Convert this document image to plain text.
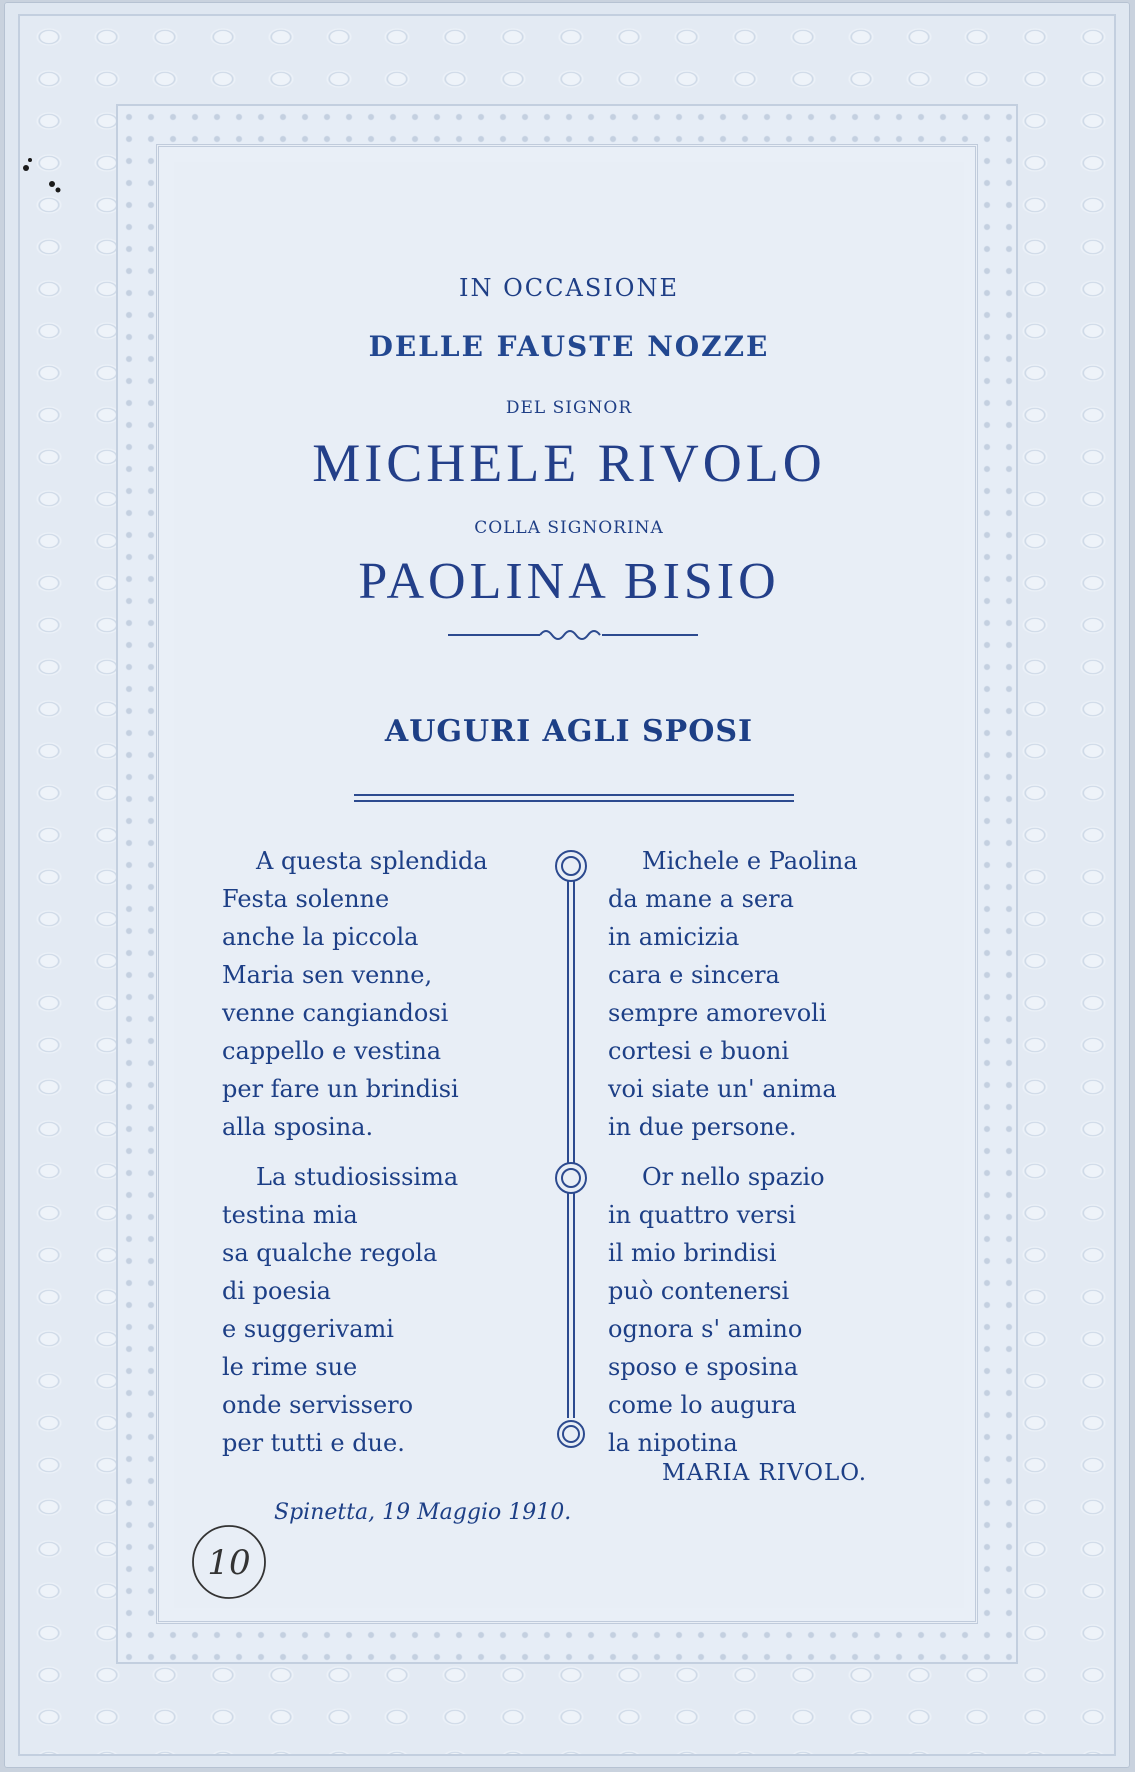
IN OCCASIONE
DELLE FAUSTE NOZZE
DEL SIGNOR
MICHELE RIVOLO
COLLA SIGNORINA
PAOLINA BISIO
AUGURI AGLI SPOSI
A questa splendida
Festa solenne
anche la piccola
Maria sen venne,
venne cangiandosi
cappello e vestina
per fare un brindisi
alla sposina.
La studiosissima
testina mia
sa qualche regola
di poesia
e suggerivami
le rime sue
onde servissero
per tutti e due.
Michele e Paolina
da mane a sera
in amicizia
cara e sincera
sempre amorevoli
cortesi e buoni
voi siate un' anima
in due persone.
Or nello spazio
in quattro versi
il mio brindisi
può contenersi
ognora s' amino
sposo e sposina
come lo augura
la nipotina
MARIA RIVOLO.
Spinetta, 19 Maggio 1910.
10
